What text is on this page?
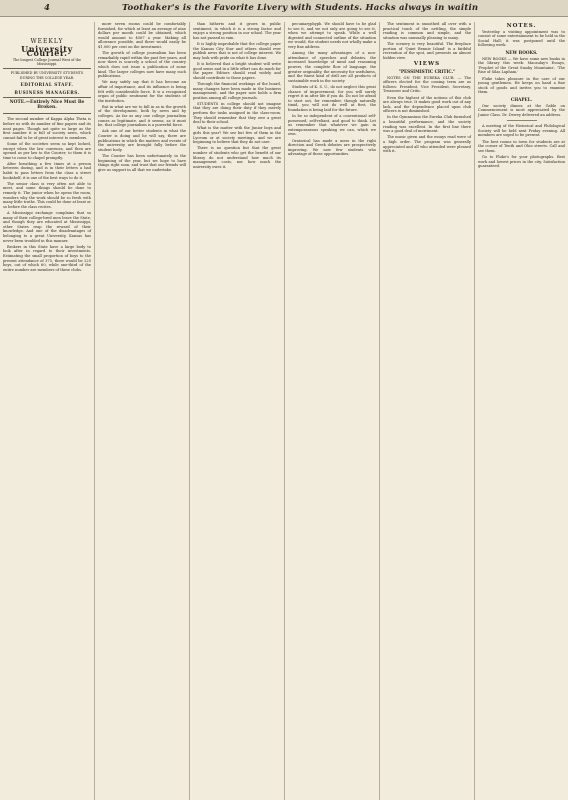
4	Toothaker's is the Favorite Livery with Students. Hacks always in waitin
WEEKLY
University Courier.
The longest College Journal West of the Mississippi.
PUBLISHED BY UNIVERSITY STUDENTS DURING THE COLLEGE YEAR.
EDITORIAL STAFF.
BUSINESS MANAGERS.
NOTE.—Entirely Nice Must Be Broken.

The second number of Kappa Alpha Theta is before us with its number of fine papers and its neat pages. Though not quite so large as the first number it is full of society news, which cannot fail to be of great interest to members.

Some of the societies seem so kept locked, except when the law convenes, and then are opened as per law to the Courier; to them it is time to come to chapel promptly.

After breathing a few times at a person between dozing, and is in their letters a bad habit to pass letters from the class a street bookshelf, it is one of the best ways to do it.

The senior class is very often not able to meet, and some things should be done to remedy it. The junior when he opens the room, wonders why the work should be so fresh with many little truths. This could be done at least or so before the class recites.

A Mississippi exchange complains that so many of their college-bred men leave the State, and though they are educated at Mississippi, other States reap the reward of their knowledge. And one of the disadvantages of belonging to a great University, Kansas has never been troubled in this manner.

Brokers in this State have a large body to look after in regard to their investments. Estimating the small proportion of boys to the present attendance of 375, there would be 225 boys, out of which 60, while one-third of the entire number are members of these clubs.

more seven rooms could be comfortably furnished, for which at least an average of nine dollars per month could be obtained, which would amount to $567 a year. Making all allowance possible, and there would easily be $1,000 per cent on the investment.

The growth of college journalism has been remarkably rapid within the past few years, and now there is scarcely a school of the country which does not issue a publication of some kind. The larger colleges now have many such publications.

We may safely say that it has become an affair of importance, and its influence is being felt with considerable force. It is a recognized organ of public sentiment for the students of the institution.

But in what are we to fall in as in the growth of the development, both by news and by colleges. As far as any one college journalism comes as legitimate, and it seems, as it must be, that college journalism is a powerful force.

Ask one of our better students in what the Courier is doing and he will say, there are publications in which the matters and events of the university are brought fully before the student body.

The Courier has been unfortunately in the beginning of the year, but we hope to have things right soon, and trust that our friends will give us support in all that we undertake.

than hitherto and it grows in public sentiment, in which it is a strong factor and enjoys a strong position in our school. The year has not passed in vain.

It is highly improbable that the college paper the Kansas City Star and others should ever publish news that is not of college interest. We may look with pride on what it has done.

It is believed that a bright student will write good sense and in a little effort can do much for the paper. Editors should read widely and should contribute to those papers.

Through the financial workings of the board, many changes have been made in the business management, and the paper now holds a firm position among all college journals.

STUDENTS in college should not imagine that they are doing their duty if they merely perform the tasks assigned in the class-room. They should remember that they owe a great deal to their school.

What is the matter with the Junior boys and girls this year? We see but few of them in the Lyceum or at society meetings, and we are beginning to believe that they do not care.

There is no question but that the great number of students who get the benefit of our library do not understand how much its management costs, nor how much the university owes it.

pecuniaryphyph. We should have to be glad to see it, and we not only are going to see it, when we attempt to speak. While a well digested and connected outline of the situation we would, the student needs not wholly make a very fine address.

Among the many advantages of a non-attendance of speeches and debates, the increased knowledge of mind and reasoning powers, the complete flow of language, the greater originality, the necessity for usefulness, and the finest kind of drill are all products of sustainable work in the society.

Students of K. S. U., do not neglect this great chance of improvement, for you will surely regret it in after life if you do. Do not be afraid to start out, for remember, though naturally timid, you will not do well at first, the foundation is being laid for the future.

In be so independent of a conventional self-possessed, self-reliant, and good to think. Let us remember that whatever we gain in extemporaneous speaking we can, which we own.

Oratorical has made a mess in the right direction and Greek debates are prospectively improving. We now few students who advantage of these opportunities.

The sentiment is smoothed all over with a practical touch of the nettling, the simple reading is common and simple, and the situation was unusually pleasing to many.

The scenery is very beautiful. The fireplace portion of 'Quiet Bennie Island' is a faithful recreation of the spot, and presents an almost hidden view.

VIEWS
"PESSIMISTIC CRITIC."

NOTES ON THE EUREKA CLUB. — The officers elected for the coming term are as follows: President, Vice President, Secretary, Treasurer and Critic.

Even the highest of the notions of this club are always true. It makes good work out of any lack, and the dependence placed upon club officers is not diminished.

In the Gymnasium the Eureka Club furnished a beautiful performance, and the society reading was excellent. In the first line there was a good deal of merriment.

The music given and the essays read were of a high order. The program was generally appreciated and all who attended were pleased with it.

NOTES.

Yesterday a visiting appointment was to consist of some entertainment to be held in the Social Hall; it was postponed until the following week.

NEW BOOKS.

NEW BOOKS — We have some new books in the library this week: Macaulay's Essays, 'Prophet of the Great Smoky Mountains', 'The Rise of Silas Lapham.'

Fluke takes pleasure in the care of our young gentlemen. He keeps on hand a fine stock of goods and invites you to examine them.

CHAPEL.

Our society dinner, at the Gable on Commencement is most appreciated by the Junior Class. Dr. Dewey delivered an address.

A meeting of the Historical and Philological Society will be held next Friday evening. All members are urged to be present.

The best rooms in town for students are at the corner of Tenth and Ohio streets. Call and see them.

Go to Fluke's for your photographs. Best work and lowest prices in the city. Satisfaction guaranteed.
